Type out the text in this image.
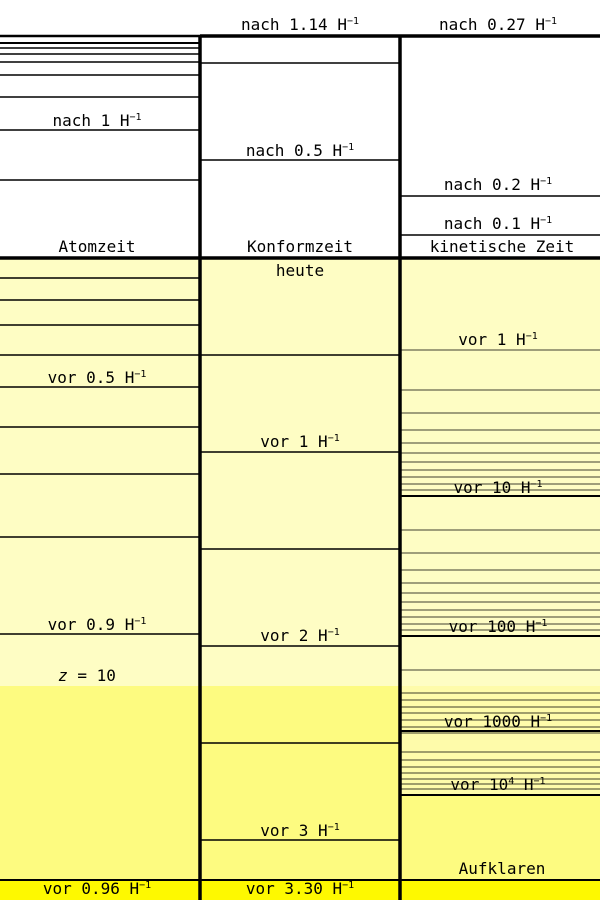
nach 1.14 $H^{-1}$	nach 0.27 $H^{-1}$
nach 1 $H^{-1}$
nach 0.5 $H^{-1}$
nach 0.2 $H^{-1}$
nach 0.1 $H^{-1}$
Atomzeit	Konformzeit	kinetische Zeit
heute
vor 1 $H^{-1}$
vor 0.5 $H^{-1}$
vor 1 $H^{-1}$
vor 10 $H^{-1}$
vor 0.9 $H^{-1}$	vor 100 $H^{-1}$
vor 2 $H^{-1}$
z = 10
vor 1000 $H^{-1}$
vor $10^4$ $H^{-1}$
vor 3 $H^{-1}$
Aufklaren
vor 0.96 $H^{-1}$	vor 3.30 $H^{-1}$
